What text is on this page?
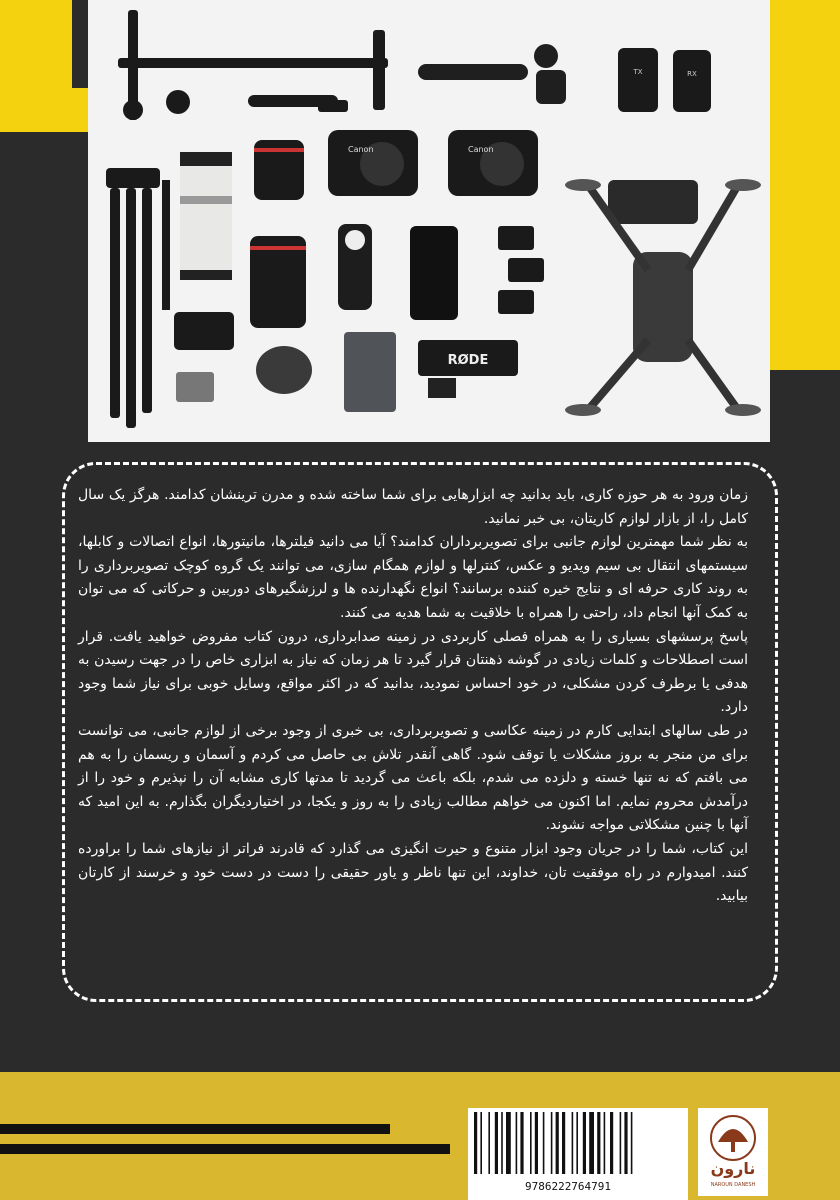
TX	RX
Canon	Canon
RØDE

زمان ورود به هر حوزه کاری، باید بدانید چه ابزارهایی برای شما ساخته شده و مدرن ترینشان کدامند. هرگز یک سال کامل را، از بازار لوازم کاریتان، بی خبر نمانید.

به نظر شما مهمترین لوازم جانبی برای تصویربرداران کدامند؟ آیا می دانید فیلترها، مانیتورها، انواع اتصالات و کابلها، سیستمهای انتقال بی سیم ویدیو و عکس، کنترلها و لوازم همگام سازی، می توانند یک گروه کوچک تصویربرداری را به روند کاری حرفه ای و نتایج خیره کننده برسانند؟ انواع نگهدارنده ها و لرزشگیرهای دوربین و حرکاتی که می توان به کمک آنها انجام داد، راحتی را همراه با خلاقیت به شما هدیه می کنند.

پاسخ پرسشهای بسیاری را به همراه فصلی کاربردی در زمینه صدابرداری، درون کتاب مفروض خواهید یافت. قرار است اصطلاحات و کلمات زیادی در گوشه ذهنتان قرار گیرد تا هر زمان که نیاز به ابزاری خاص را در جهت رسیدن به هدفی یا برطرف کردن مشکلی، در خود احساس نمودید، بدانید که در اکثر مواقع، وسایل خوبی برای نیاز شما وجود دارد.

در طی سالهای ابتدایی کارم در زمینه عکاسی و تصویربرداری، بی خبری از وجود برخی از لوازم جانبی، می توانست برای من منجر به بروز مشکلات یا توقف شود. گاهی آنقدر تلاش بی حاصل می کردم و آسمان و ریسمان را به هم می بافتم که نه تنها خسته و دلزده می شدم، بلکه باعث می گردید تا مدتها کاری مشابه آن را نپذیرم و خود را از درآمدش محروم نمایم. اما اکنون می خواهم مطالب زیادی را به روز و یکجا، در اختیاردیگران بگذارم. به این امید که آنها با چنین مشکلاتی مواجه نشوند.

این کتاب، شما را در جریان وجود ابزار متنوع و حیرت انگیزی می گذارد که قادرند فراتر از نیازهای شما را براورده کنند. امیدوارم در راه موفقیت تان، خداوند، این تنها ناظر و یاور حقیقی را دست در دست خود و خرسند از کارتان بیابید.

9786222764791
نارون
NAROUN DANESH
